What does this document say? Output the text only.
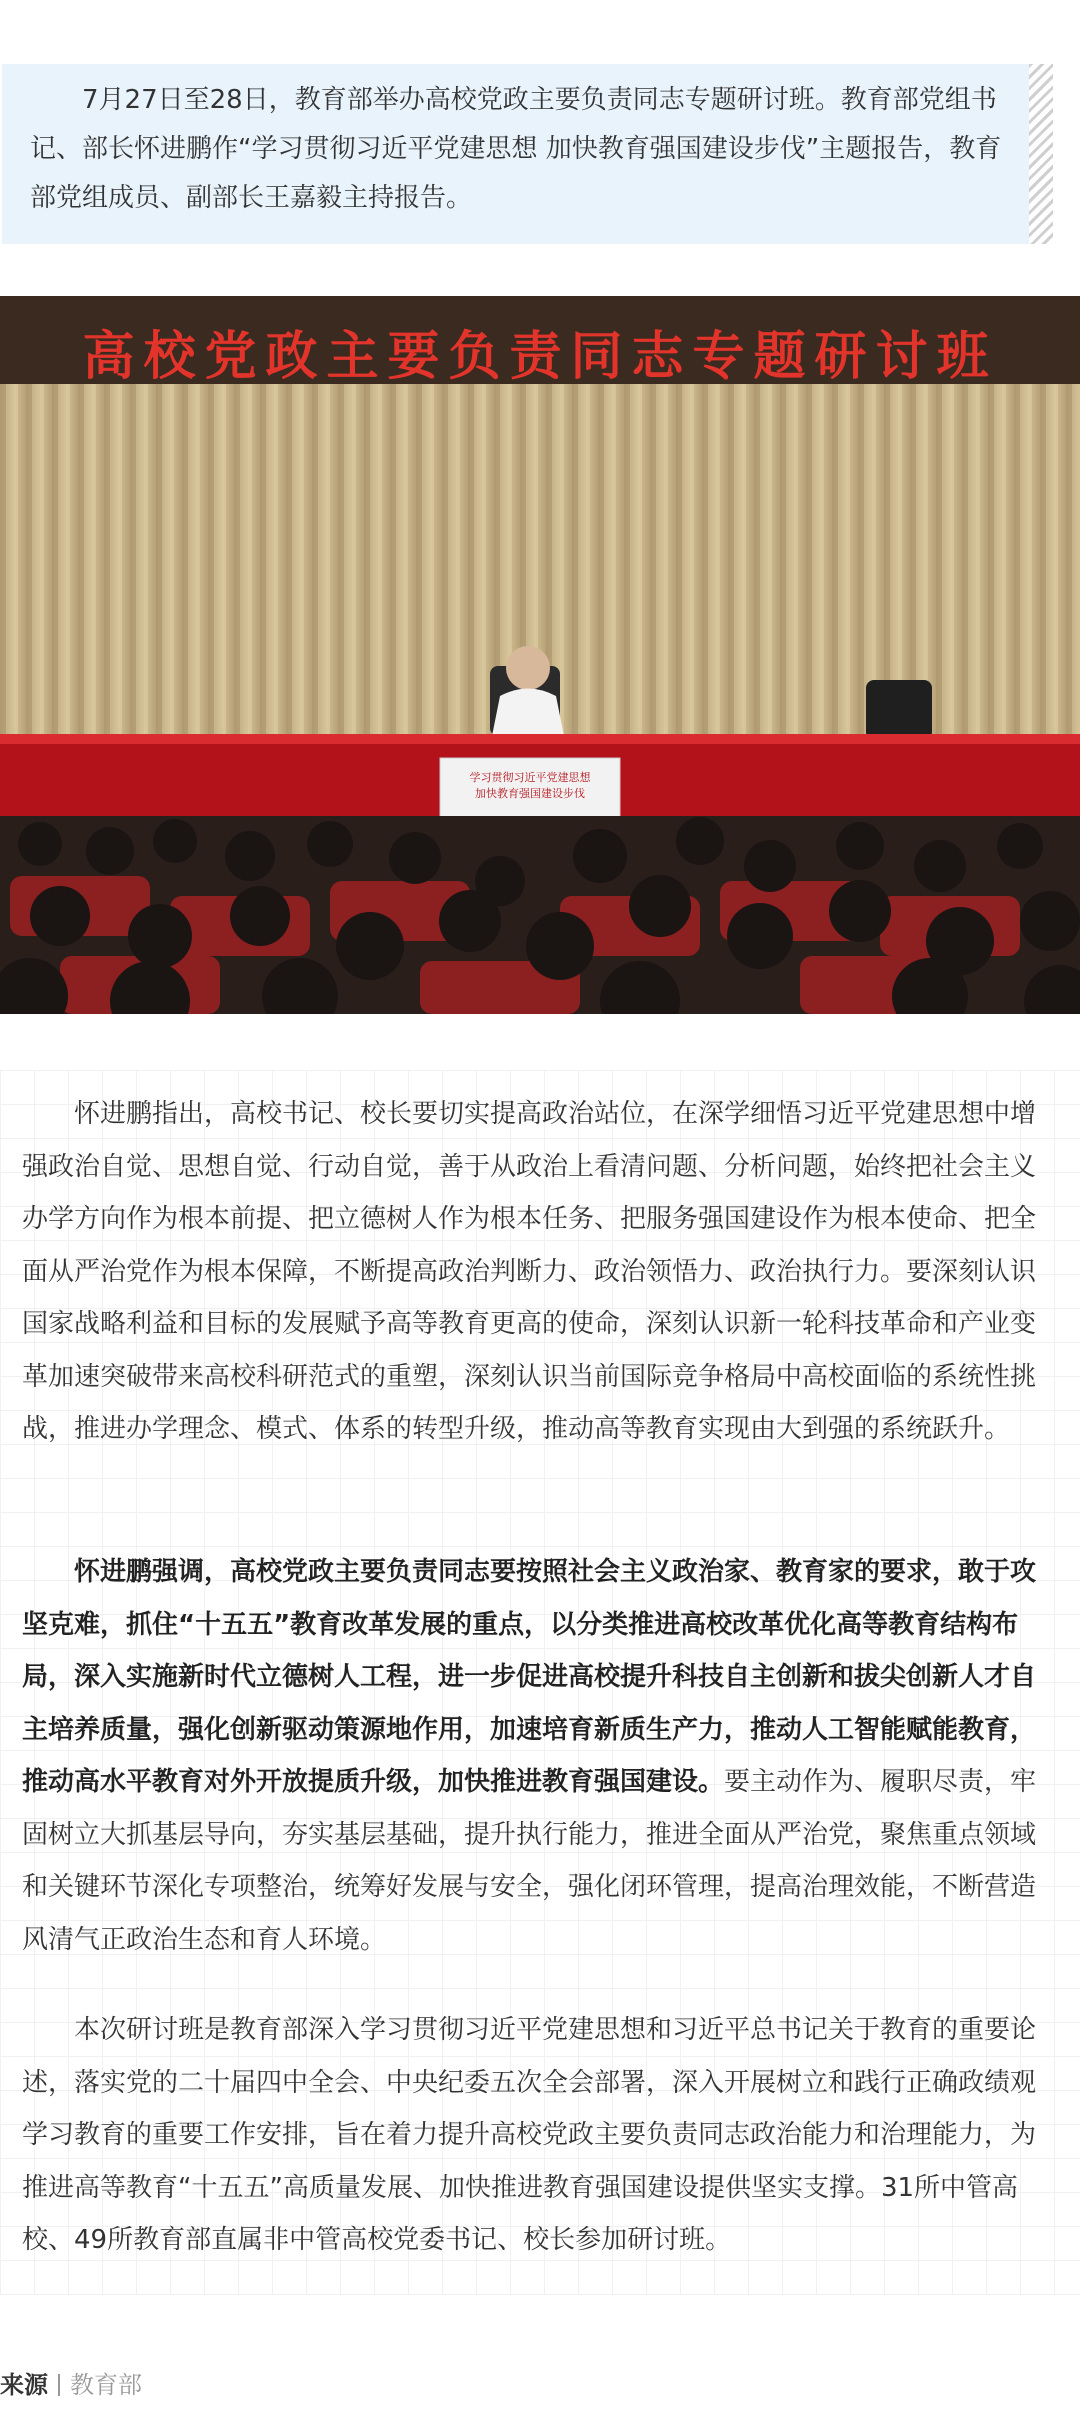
7月27日至28日，教育部举办高校党政主要负责同志专题研讨班。教育部党组书记、部长怀进鹏作“学习贯彻习近平党建思想 加快教育强国建设步伐”主题报告，教育部党组成员、副部长王嘉毅主持报告。

高校党政主要负责同志专题研讨班
学习贯彻习近平党建思想
加快教育强国建设步伐

怀进鹏指出，高校书记、校长要切实提高政治站位，在深学细悟习近平党建思想中增强政治自觉、思想自觉、行动自觉，善于从政治上看清问题、分析问题，始终把社会主义办学方向作为根本前提、把立德树人作为根本任务、把服务强国建设作为根本使命、把全面从严治党作为根本保障，不断提高政治判断力、政治领悟力、政治执行力。要深刻认识国家战略利益和目标的发展赋予高等教育更高的使命，深刻认识新一轮科技革命和产业变革加速突破带来高校科研范式的重塑，深刻认识当前国际竞争格局中高校面临的系统性挑战，推进办学理念、模式、体系的转型升级，推动高等教育实现由大到强的系统跃升。

怀进鹏强调，高校党政主要负责同志要按照社会主义政治家、教育家的要求，敢于攻坚克难，抓住“十五五”教育改革发展的重点，以分类推进高校改革优化高等教育结构布局，深入实施新时代立德树人工程，进一步促进高校提升科技自主创新和拔尖创新人才自主培养质量，强化创新驱动策源地作用，加速培育新质生产力，推动人工智能赋能教育，推动高水平教育对外开放提质升级，加快推进教育强国建设。要主动作为、履职尽责，牢固树立大抓基层导向，夯实基层基础，提升执行能力，推进全面从严治党，聚焦重点领域和关键环节深化专项整治，统筹好发展与安全，强化闭环管理，提高治理效能，不断营造风清气正政治生态和育人环境。

本次研讨班是教育部深入学习贯彻习近平党建思想和习近平总书记关于教育的重要论述，落实党的二十届四中全会、中央纪委五次全会部署，深入开展树立和践行正确政绩观学习教育的重要工作安排，旨在着力提升高校党政主要负责同志政治能力和治理能力，为推进高等教育“十五五”高质量发展、加快推进教育强国建设提供坚实支撑。31所中管高校、49所教育部直属非中管高校党委书记、校长参加研讨班。

来源 教育部
